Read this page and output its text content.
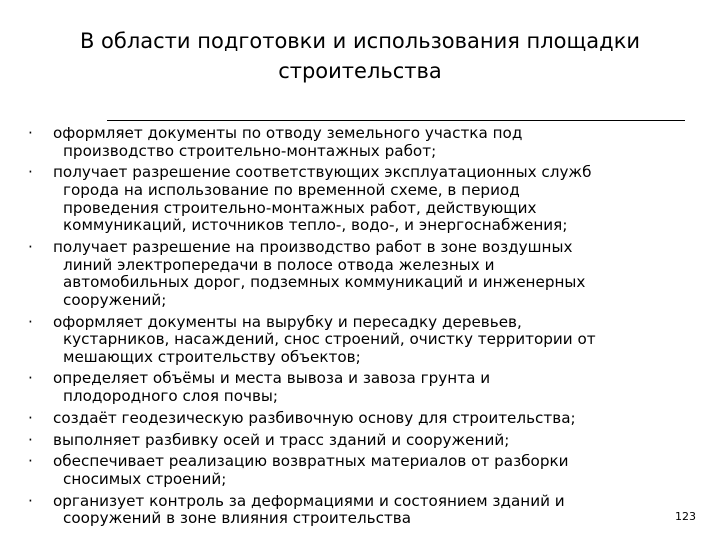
В области подготовки и использования площадки
строительства
·	оформляет документы по отводу земельного участка под
производство строительно-монтажных работ;
·	получает разрешение соответствующих эксплуатационных служб
города на использование по временной схеме, в период
проведения строительно-монтажных работ, действующих
коммуникаций, источников тепло-, водо-, и энергоснабжения;
·	получает разрешение на производство работ в зоне воздушных
линий электропередачи в полосе отвода железных и
автомобильных дорог, подземных коммуникаций и инженерных
сооружений;
·	оформляет документы на вырубку и пересадку деревьев,
кустарников, насаждений, снос строений, очистку территории от
мешающих строительству объектов;
·	определяет объёмы и места вывоза и завоза грунта и
плодородного слоя почвы;
·	создаёт геодезическую разбивочную основу для строительства;
·	выполняет разбивку осей и трасс зданий и сооружений;
·	обеспечивает реализацию возвратных материалов от разборки
сносимых строений;
·	организует контроль за деформациями и состоянием зданий и
сооружений в зоне влияния строительства	123
